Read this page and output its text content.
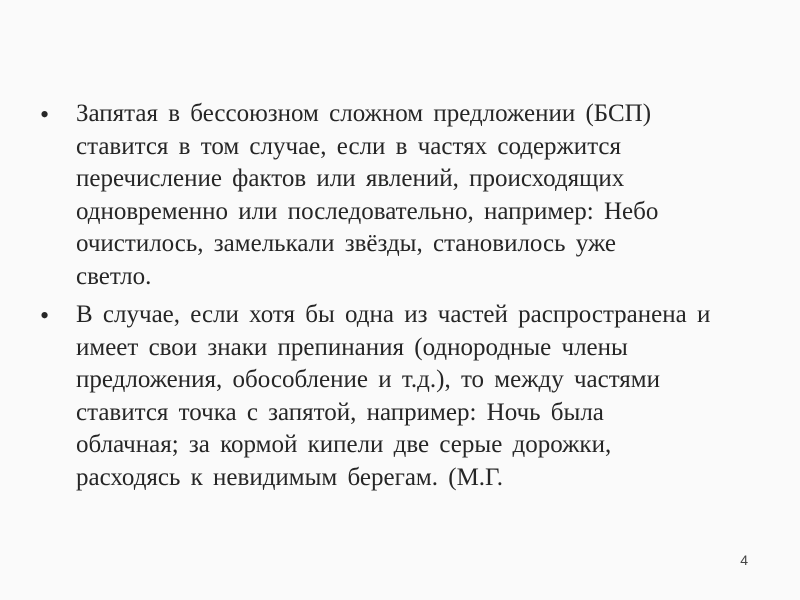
• Запятая в бессоюзном сложном предложении (БСП)
ставится в том случае, если в частях содержится
перечисление фактов или явлений, происходящих
одновременно или последовательно, например: Небо
очистилось, замелькали звёзды, становилось уже
светло.
• В случае, если хотя бы одна из частей распространена и
имеет свои знаки препинания (однородные члены
предложения, обособление и т.д.), то между частями
ставится точка с запятой, например: Ночь была
облачная; за кормой кипели две серые дорожки,
расходясь к невидимым берегам. (М.Г.
4
